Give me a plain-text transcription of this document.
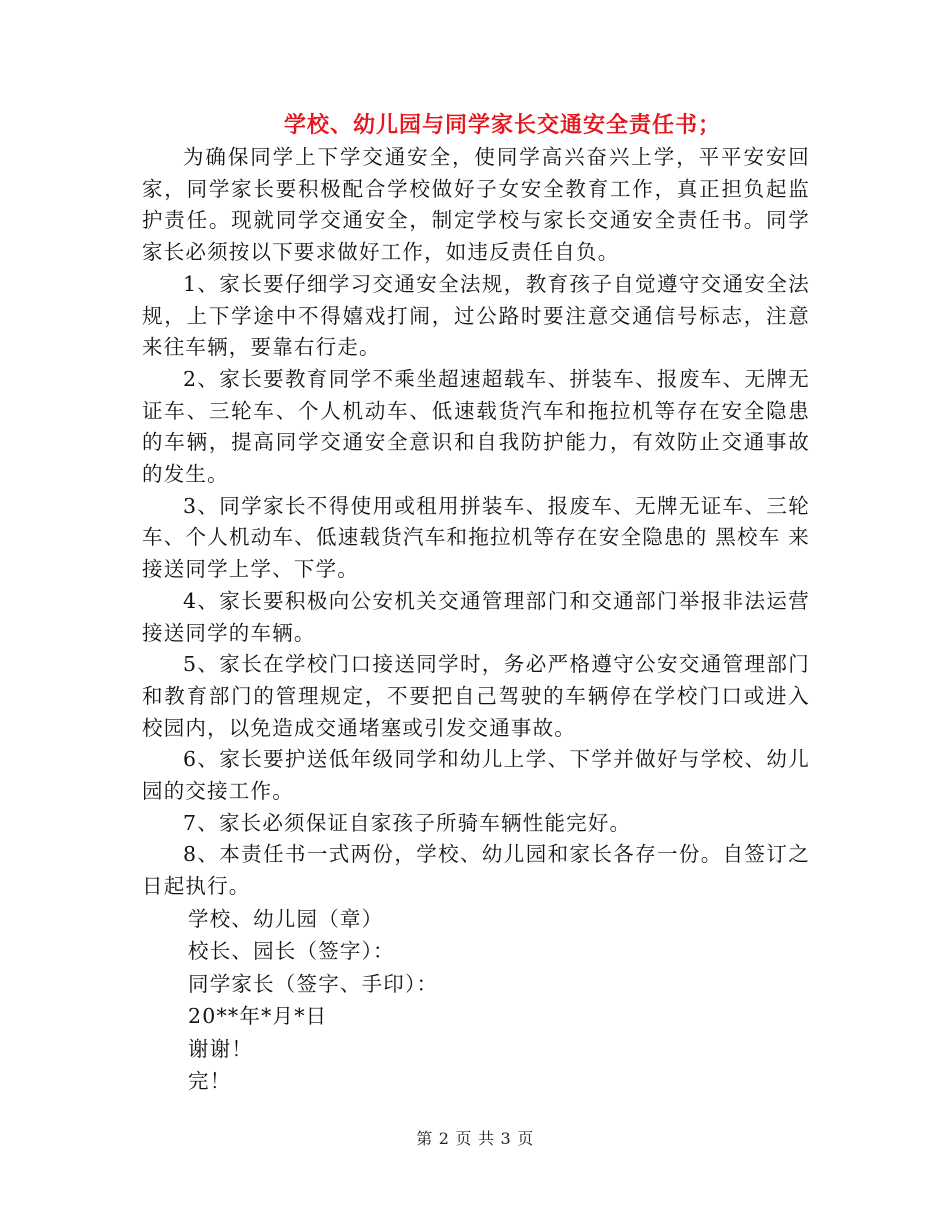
学校、幼儿园与同学家长交通安全责任书；

为确保同学上下学交通安全，使同学高兴奋兴上学，平平安安回家，同学家长要积极配合学校做好子女安全教育工作，真正担负起监护责任。现就同学交通安全，制定学校与家长交通安全责任书。同学家长必须按以下要求做好工作，如违反责任自负。

1、家长要仔细学习交通安全法规，教育孩子自觉遵守交通安全法规，上下学途中不得嬉戏打闹，过公路时要注意交通信号标志，注意来往车辆，要靠右行走。

2、家长要教育同学不乘坐超速超载车、拼装车、报废车、无牌无证车、三轮车、个人机动车、低速载货汽车和拖拉机等存在安全隐患的车辆，提高同学交通安全意识和自我防护能力，有效防止交通事故的发生。

3、同学家长不得使用或租用拼装车、报废车、无牌无证车、三轮车、个人机动车、低速载货汽车和拖拉机等存在安全隐患的 黑校车 来接送同学上学、下学。

4、家长要积极向公安机关交通管理部门和交通部门举报非法运营接送同学的车辆。

5、家长在学校门口接送同学时，务必严格遵守公安交通管理部门和教育部门的管理规定，不要把自己驾驶的车辆停在学校门口或进入校园内，以免造成交通堵塞或引发交通事故。

6、家长要护送低年级同学和幼儿上学、下学并做好与学校、幼儿园的交接工作。

7、家长必须保证自家孩子所骑车辆性能完好。

8、本责任书一式两份，学校、幼儿园和家长各存一份。自签订之日起执行。

学校、幼儿园（章）

校长、园长（签字）：

同学家长（签字、手印）：

20**年*月*日

谢谢！

完！

第 2 页 共 3 页
